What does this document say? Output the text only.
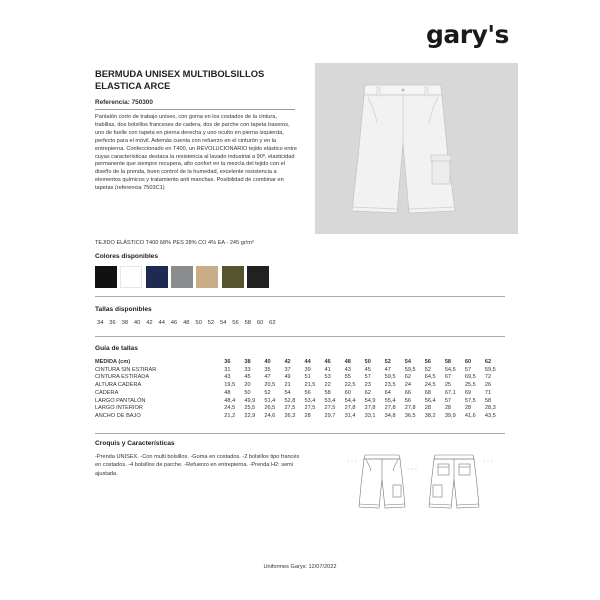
gary's
BERMUDA UNISEX MULTIBOLSILLOS ELASTICA ARCE
Referencia: 750300
Pantalón corto de trabajo unisex, con goma en los costados de la cintura, trabillas, dos bolsillos franceses de cadera, dos de parche con tapeta traseros, uno de fuelle con tapeta en pierna derecha y uno oculto en pierna izquierda, perfecto para el móvil. Además cuenta con refuerzo en el cinturón y en la entrepierna. Confeccionado en T400, un REVOLUCIONARIO tejido elástico entre cuyas características destaca la resistencia al lavado industrial a 90º, elasticidad permanente que siempre recupera, alto confort en la mezcla del tejido con el diseño de la prenda, buen control de la humedad, excelente resistencia a elementos químicos y tratamiento anti manchas. Posibilidad de combinar en tapetas (referencia 7503C1)
TEJIDO ELÁSTICO T400 68% PES 28% CO 4% EA - 245 gr/m²
Colores disponibles
Tallas disponibles
34	36	38	40	42	44	46	48	50	52	54	56	58	60	62
Guía de tallas
MEDIDA (cm)	36	38	40	42	44	46	48	50	52	54	56	58	60	62
CINTURA SIN ESTIRAR	31	33	35	37	39	41	43	45	47	59,5	52	54,5	57	59,5
CINTURA ESTIRADA	43	45	47	49	51	53	55	57	59,5	62	64,5	67	69,5	72
ALTURA CADERA	19,5	20	20,5	21	21,5	22	22,5	23	23,5	24	24,5	25	25,5	26
CADERA	48	50	52	54	56	58	60	62	64	66	68	67,1	69	71
LARGO PANTALÓN	48,4	49,9	51,4	52,8	53,4	53,4	54,4	54,9	55,4	56	56,4	57	57,5	58
LARGO INTERIOR	24,5	25,5	26,5	27,5	27,5	27,5	27,8	27,8	27,8	27,8	28	28	28	28,3
ANCHO DE BAJO	21,2	22,9	24,6	26,3	28	29,7	31,4	33,1	34,8	36,5	38,2	39,9	41,6	43,5
Croquis y Características
-Prenda UNISEX. -Con multi bolsillos. -Goma en costados. -2 bolsillos tipo francés en costados. -4 bolsillos de parche. -Refuerzo en entrepierna. -Prenda H2: semi ajustada.
Uniformes Garys: 12/07/2022
